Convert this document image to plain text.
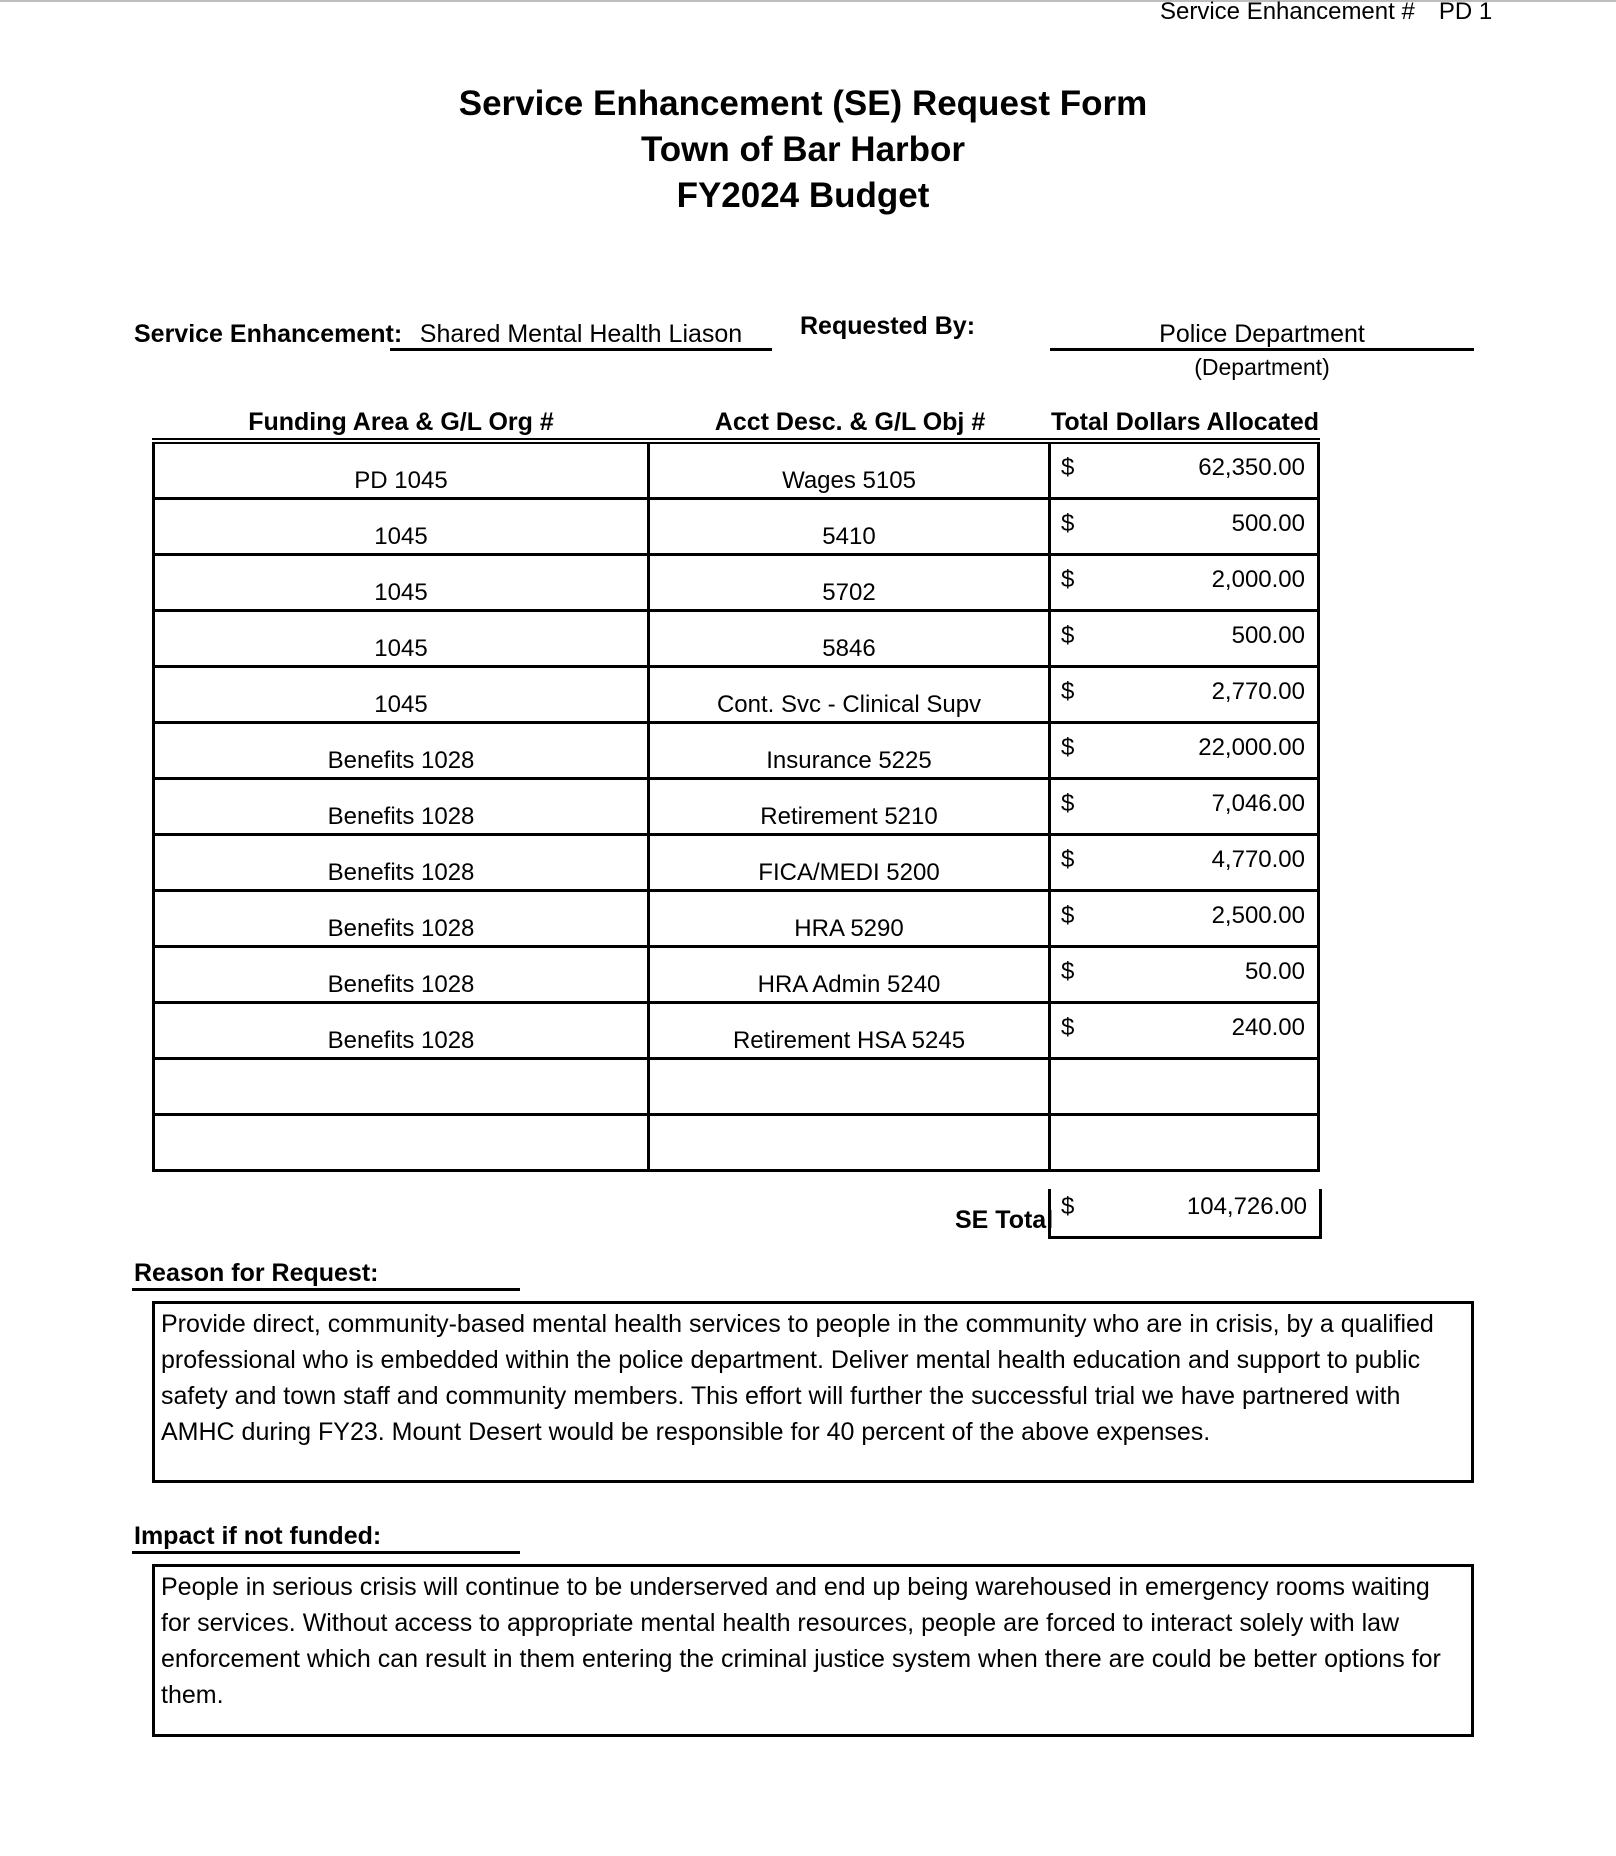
Service Enhancement # PD 1
Service Enhancement (SE) Request Form
Town of Bar Harbor
FY2024 Budget
Service Enhancement: Shared Mental Health Liason	Requested By:	Police Department
(Department)
Funding Area & G/L Org #	Acct Desc. & G/L Obj #	Total Dollars Allocated
PD 1045	Wages 5105	$ 62,350.00

1045	5410	$ 500.00

1045	5702	$ 2,000.00

1045	5846	$ 500.00

1045	Cont. Svc - Clinical Supv	$ 2,770.00

Benefits 1028	Insurance 5225	$ 22,000.00

Benefits 1028	Retirement 5210	$ 7,046.00

Benefits 1028	FICA/MEDI 5200	$ 4,770.00

Benefits 1028	HRA 5290	$ 2,500.00

Benefits 1028	HRA Admin 5240	$ 50.00

Benefits 1028	Retirement HSA 5245	$ 240.00

SE Total $	104,726.00
Reason for Request:
Provide direct, community-based mental health services to people in the community who are in crisis, by a qualified professional who is embedded within the police department. Deliver mental health education and support to public safety and town staff and community members. This effort will further the successful trial we have partnered with AMHC during FY23. Mount Desert would be responsible for 40 percent of the above expenses.
Impact if not funded:
People in serious crisis will continue to be underserved and end up being warehoused in emergency rooms waiting for services. Without access to appropriate mental health resources, people are forced to interact solely with law enforcement which can result in them entering the criminal justice system when there are could be better options for them.
